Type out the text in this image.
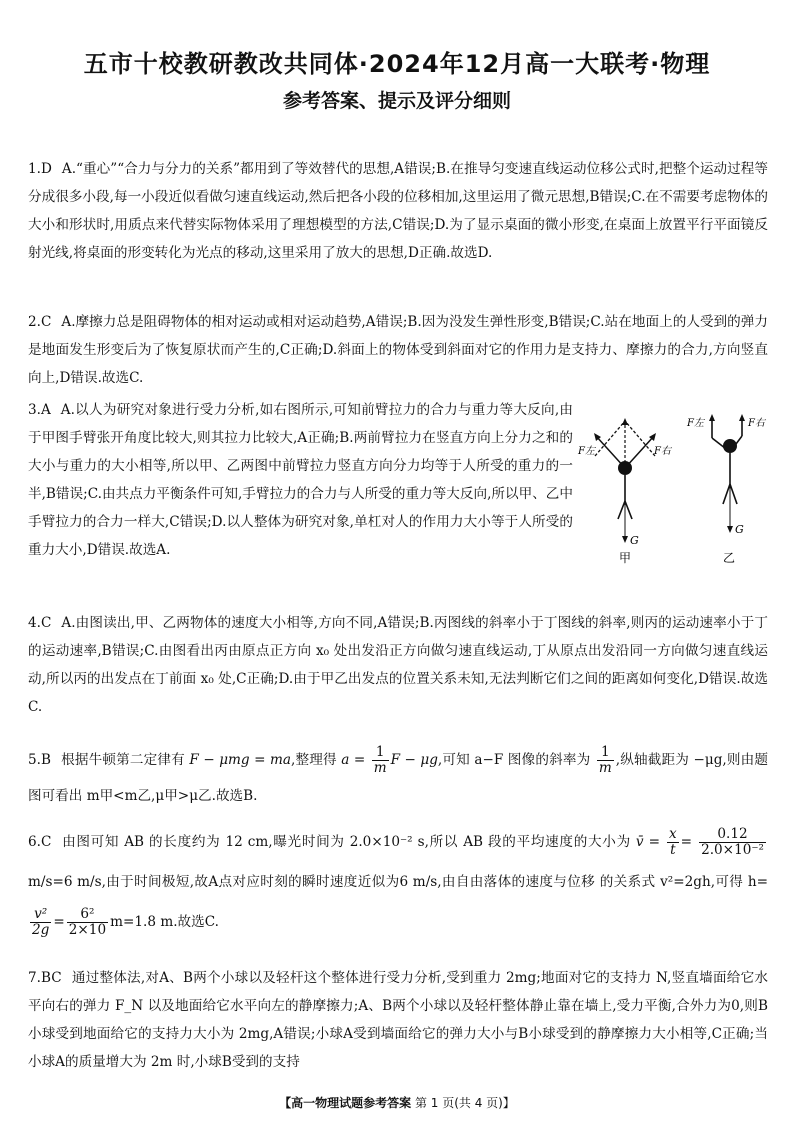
五市十校教研教改共同体·2024年12月高一大联考·物理
参考答案、提示及评分细则
1.D A.“重心”“合力与分力的关系”都用到了等效替代的思想,A错误;B.在推导匀变速直线运动位移公式时,把整个运动过程等分成很多小段,每一小段近似看做匀速直线运动,然后把各小段的位移相加,这里运用了微元思想,B错误;C.在不需要考虑物体的大小和形状时,用质点来代替实际物体采用了理想模型的方法,C错误;D.为了显示桌面的微小形变,在桌面上放置平行平面镜反射光线,将桌面的形变转化为光点的移动,这里采用了放大的思想,D正确.故选D.
2.C A.摩擦力总是阻碍物体的相对运动或相对运动趋势,A错误;B.因为没发生弹性形变,B错误;C.站在地面上的人受到的弹力是地面发生形变后为了恢复原状而产生的,C正确;D.斜面上的物体受到斜面对它的作用力是支持力、摩擦力的合力,方向竖直向上,D错误.故选C.
3.A A.以人为研究对象进行受力分析,如右图所示,可知前臂拉力的合力与重力等大反向,由于甲图手臂张开角度比较大,则其拉力比较大,A正确;B.两前臂拉力在竖直方向上分力之和的大小与重力的大小相等,所以甲、乙两图中前臂拉力竖直方向分力均等于人所受的重力的一半,B错误;C.由共点力平衡条件可知,手臂拉力的合力与人所受的重力等大反向,所以甲、乙中手臂拉力的合力一样大,C错误;D.以人整体为研究对象,单杠对人的作用力大小等于人所受的重力大小,D错误.故选A.
F左	F右
G
甲
F左	F右
G
乙
4.C A.由图读出,甲、乙两物体的速度大小相等,方向不同,A错误;B.丙图线的斜率小于丁图线的斜率,则丙的运动速率小于丁的运动速率,B错误;C.由图看出丙由原点正方向 x₀ 处出发沿正方向做匀速直线运动,丁从原点出发沿同一方向做匀速直线运动,所以丙的出发点在丁前面 x₀ 处,C正确;D.由于甲乙出发点的位置关系未知,无法判断它们之间的距离如何变化,D错误.故选C.
5.B 根据牛顿第二定律有 F − μmg = ma,整理得 $a = \frac{1}{m}$ F − μg,可知 a−F 图像的斜率为 $\frac{1}{m}$ ,纵轴截距为 −μg,则由题图可看出 m甲<m乙,μ甲>μ乙.故选B.
6.C 由图可知 AB 的长度约为 12 cm,曝光时间为 2.0×10⁻² s,所以 AB 段的平均速度的大小为 v̄ = $\frac{x}{t} = \frac{0.12}{\text{2.0×10⁻²}}$
m/s=6 m/s,由于时间极短,故A点对应时刻的瞬时速度近似为6 m/s,由自由落体的速度与位移 的关系式 v²=2gh,可得 h=
$\frac{\text{v²}}{2g} = \frac{\text{6²}}{2\times 10} m=1.8$ m.故选C.
7.BC 通过整体法,对A、B两个小球以及轻杆这个整体进行受力分析,受到重力 2mg;地面对它的支持力 N,竖直墙面给它水平向右的弹力 F_N 以及地面给它水平向左的静摩擦力;A、B两个小球以及轻杆整体静止靠在墙上,受力平衡,合外力为0,则B小球受到地面给它的支持力大小为 2mg,A错误;小球A受到墙面给它的弹力大小与B小球受到的静摩擦力大小相等,C正确;当小球A的质量增大为 2m 时,小球B受到的支持
【高一物理试题参考答案 第 1 页(共 4 页)】
